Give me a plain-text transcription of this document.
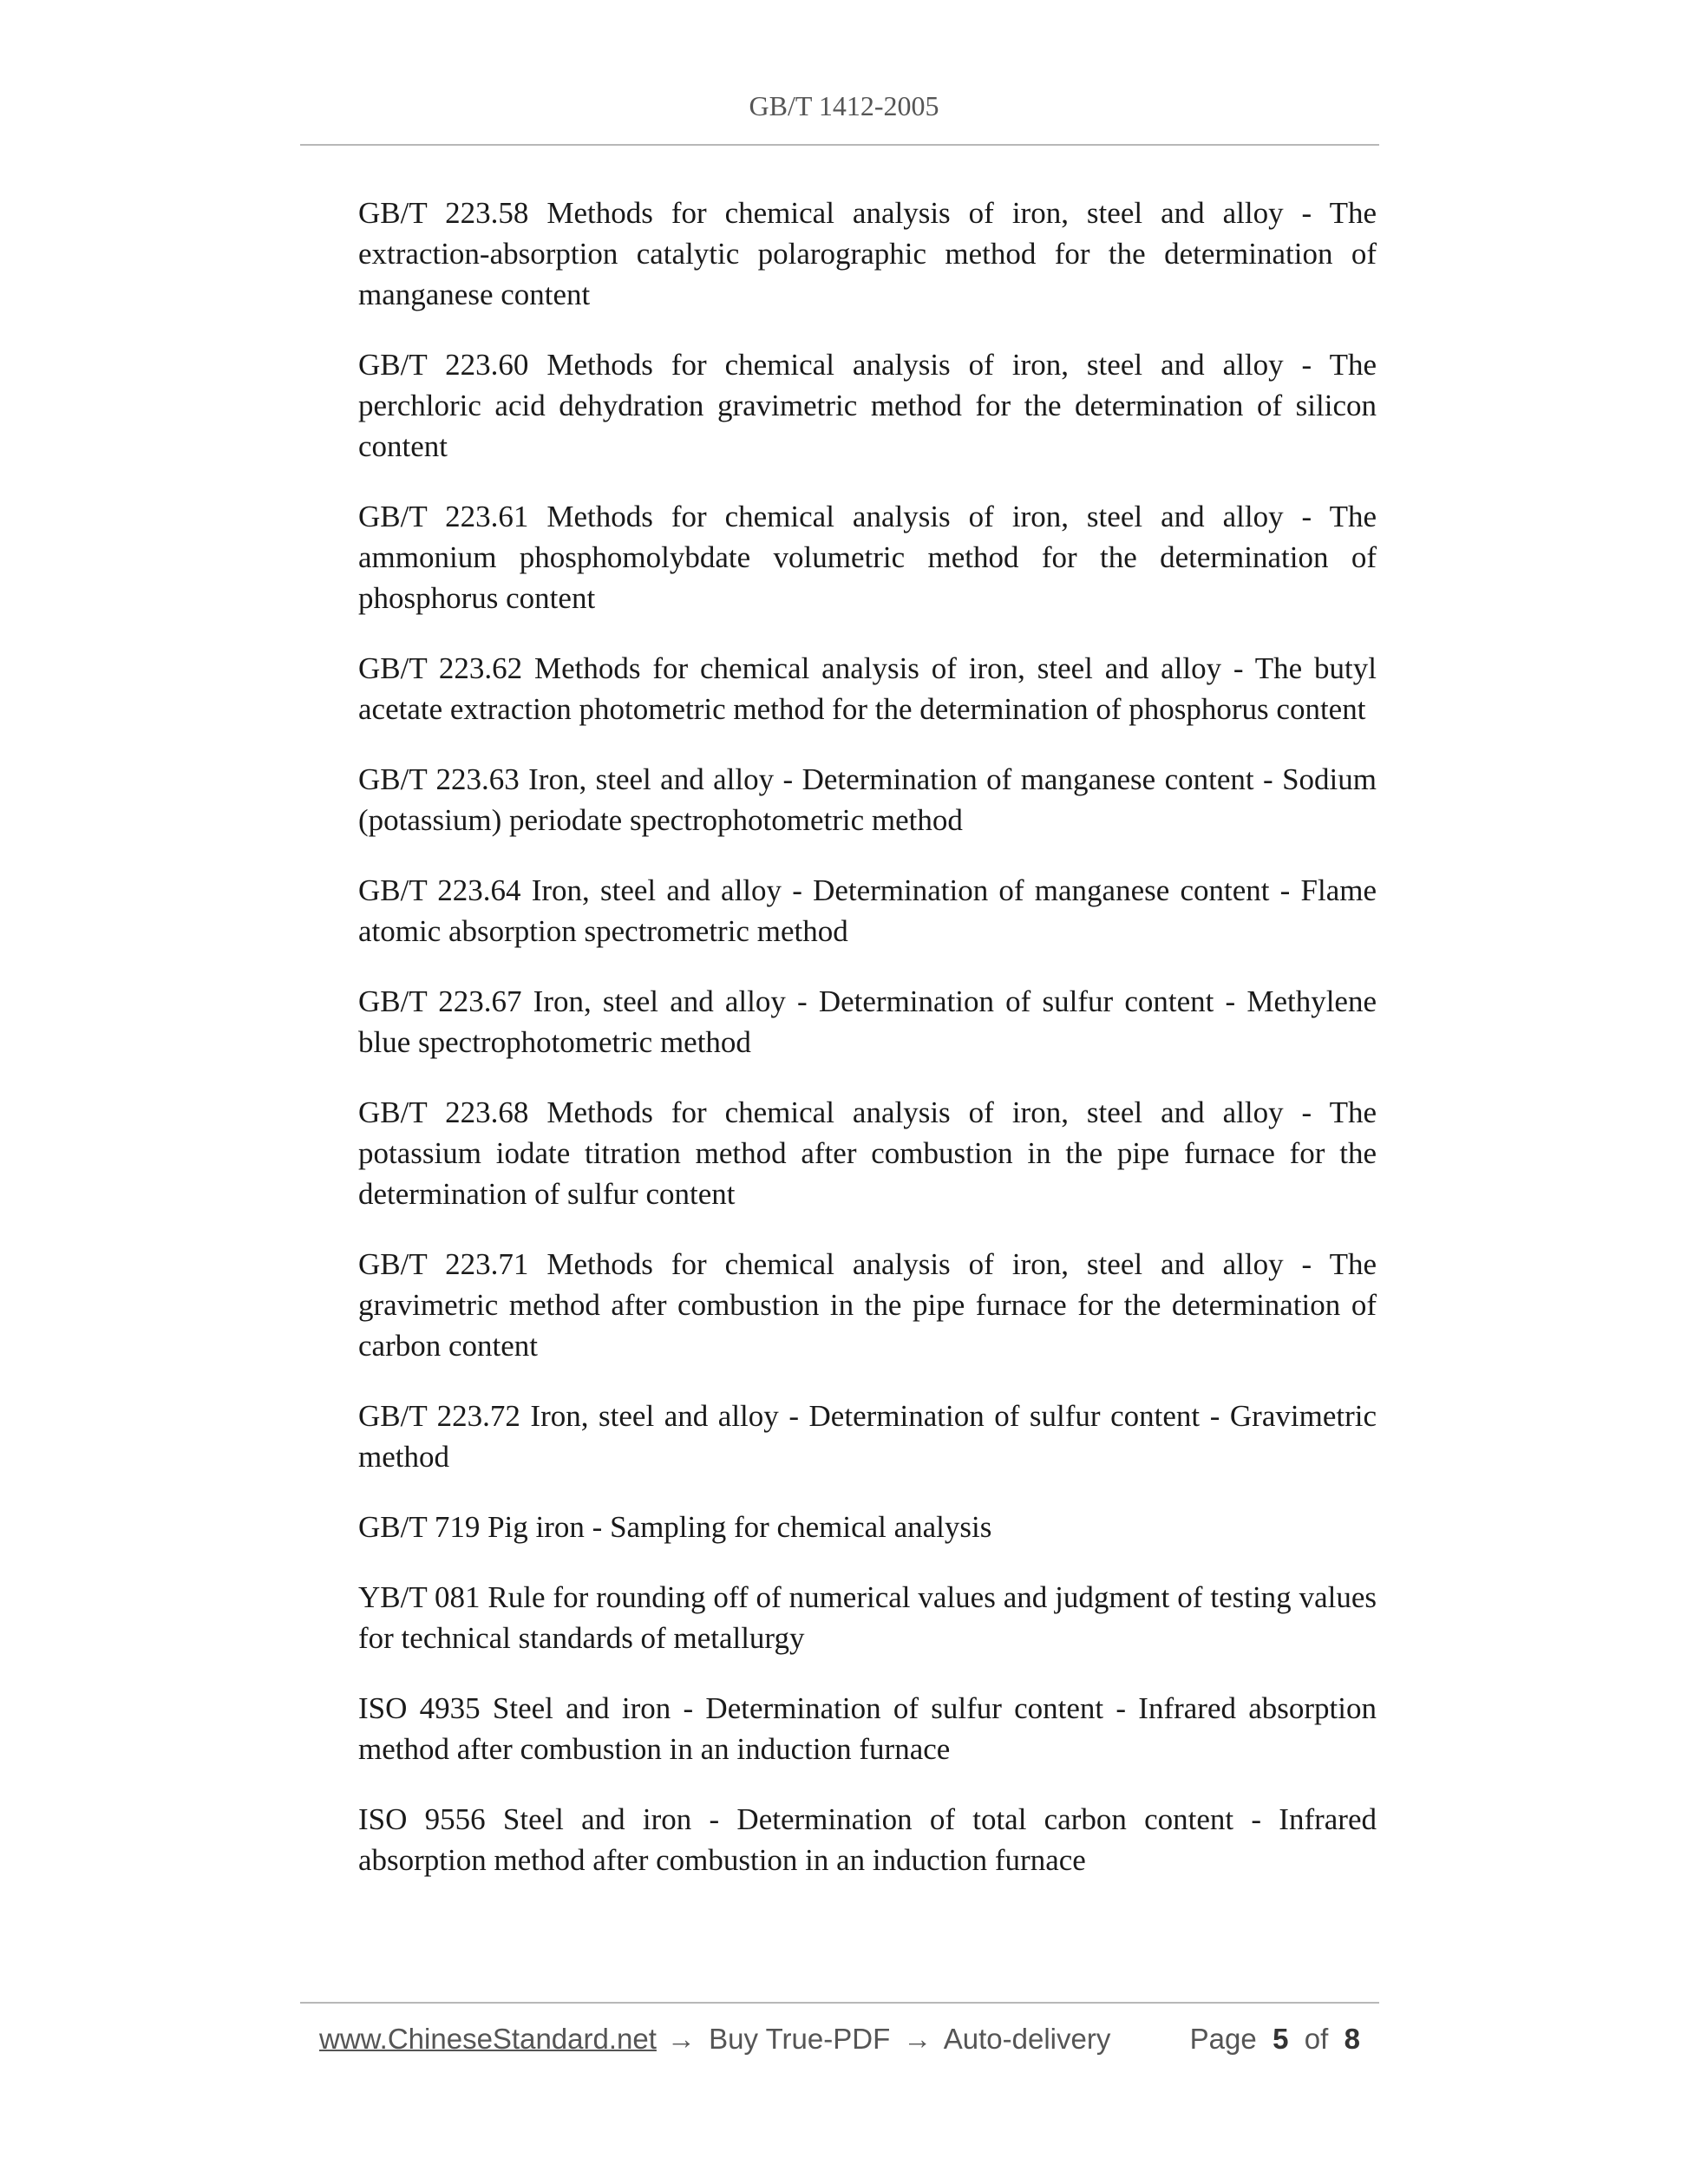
GB/T 1412-2005

GB/T 223.58 Methods for chemical analysis of iron, steel and alloy - The extraction-absorption catalytic polarographic method for the determination of manganese content

GB/T 223.60 Methods for chemical analysis of iron, steel and alloy - The perchloric acid dehydration gravimetric method for the determination of silicon content

GB/T 223.61 Methods for chemical analysis of iron, steel and alloy - The ammonium phosphomolybdate volumetric method for the determination of phosphorus content

GB/T 223.62 Methods for chemical analysis of iron, steel and alloy - The butyl acetate extraction photometric method for the determination of phosphorus content

GB/T 223.63 Iron, steel and alloy - Determination of manganese content - Sodium (potassium) periodate spectrophotometric method

GB/T 223.64 Iron, steel and alloy - Determination of manganese content - Flame atomic absorption spectrometric method

GB/T 223.67 Iron, steel and alloy - Determination of sulfur content - Methylene blue spectrophotometric method

GB/T 223.68 Methods for chemical analysis of iron, steel and alloy - The potassium iodate titration method after combustion in the pipe furnace for the determination of sulfur content

GB/T 223.71 Methods for chemical analysis of iron, steel and alloy - The gravimetric method after combustion in the pipe furnace for the determination of carbon content

GB/T 223.72 Iron, steel and alloy - Determination of sulfur content - Gravimetric method

GB/T 719 Pig iron - Sampling for chemical analysis

YB/T 081 Rule for rounding off of numerical values and judgment of testing values for technical standards of metallurgy

ISO 4935 Steel and iron - Determination of sulfur content - Infrared absorption method after combustion in an induction furnace

ISO 9556 Steel and iron - Determination of total carbon content - Infrared absorption method after combustion in an induction furnace

www.ChineseStandard.net → Buy True-PDF → Auto-delivery	Page 5 of 8
